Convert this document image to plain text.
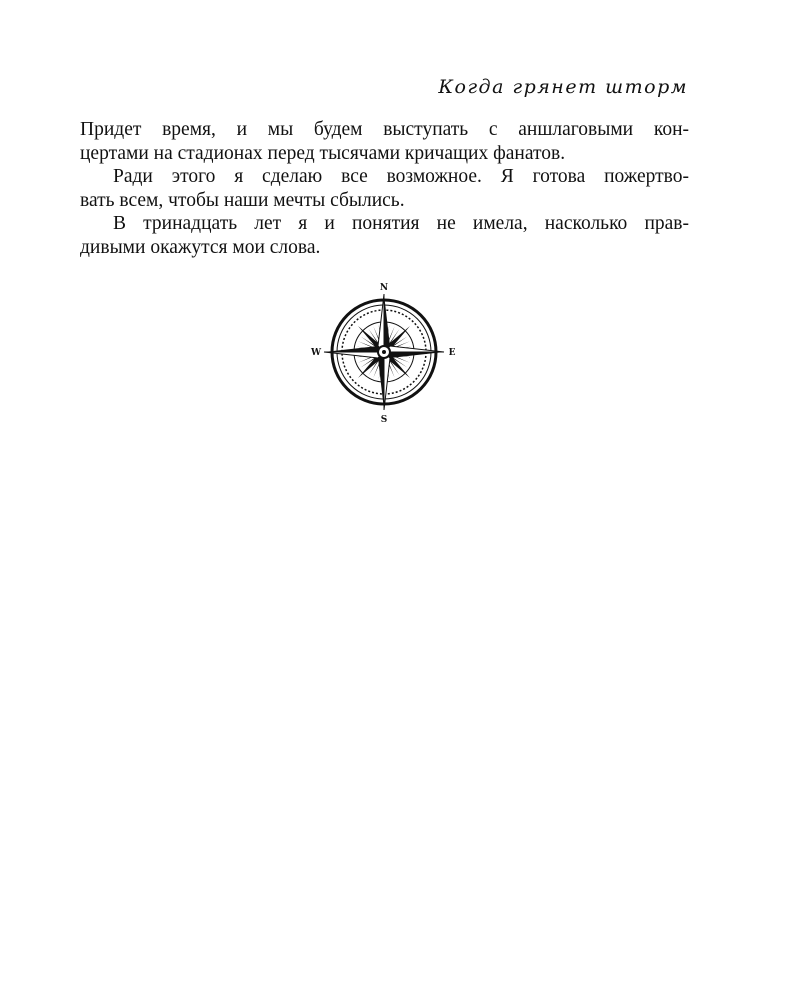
Когда грянет шторм
Придет время, и мы будем выступать с аншлаговыми кон-
цертами на стадионах перед тысячами кричащих фанатов.
Ради этого я сделаю все возможное. Я готова пожертво-
вать всем, чтобы наши мечты сбылись.
В тринадцать лет я и понятия не имела, насколько прав-
дивыми окажутся мои слова.
N
S
E
W
